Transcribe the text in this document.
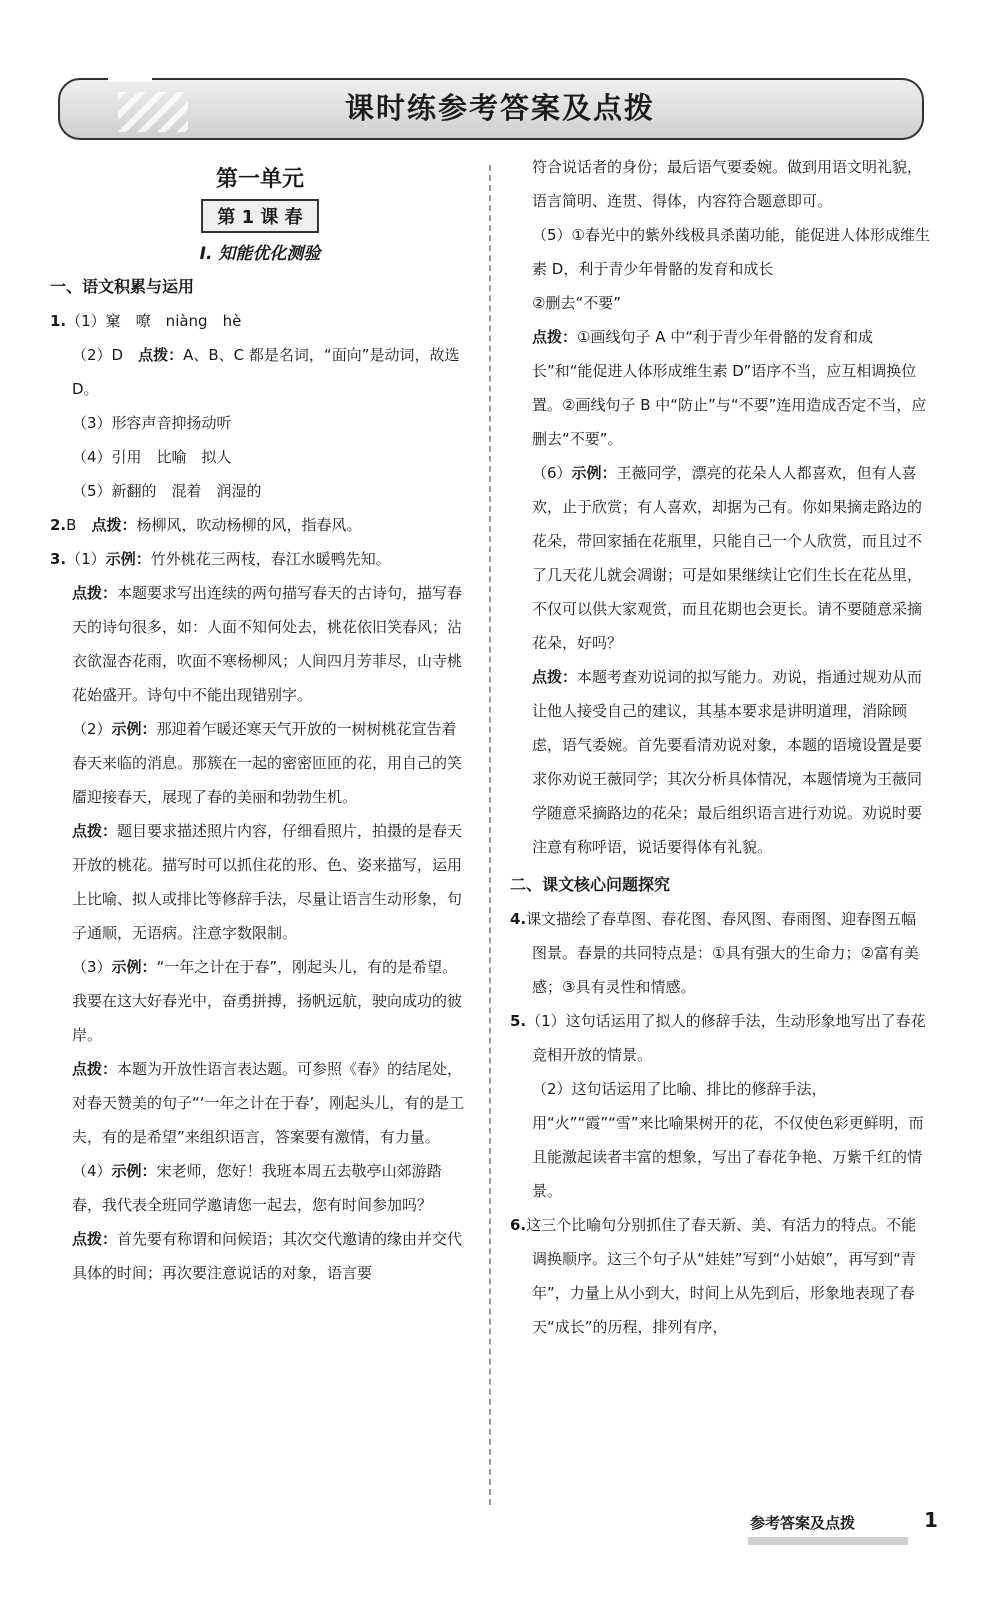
课时练参考答案及点拨
第一单元
第 1 课 春
Ⅰ. 知能优化测验
一、语文积累与运用

1.（1）窠　嘹　niàng　hè

（2）D　点拨：A、B、C 都是名词，“面向”是动词，故选 D。

（3）形容声音抑扬动听

（4）引用　比喻　拟人

（5）新翻的　混着　润湿的

2.B　点拨：杨柳风，吹动杨柳的风，指春风。

3.（1）示例：竹外桃花三两枝，春江水暖鸭先知。

点拨：本题要求写出连续的两句描写春天的古诗句，描写春天的诗句很多，如：人面不知何处去，桃花依旧笑春风；沾衣欲湿杏花雨，吹面不寒杨柳风；人间四月芳菲尽，山寺桃花始盛开。诗句中不能出现错别字。

（2）示例：那迎着乍暖还寒天气开放的一树树桃花宣告着春天来临的消息。那簇在一起的密密匝匝的花，用自己的笑靥迎接春天，展现了春的美丽和勃勃生机。

点拨：题目要求描述照片内容，仔细看照片，拍摄的是春天开放的桃花。描写时可以抓住花的形、色、姿来描写，运用上比喻、拟人或排比等修辞手法，尽量让语言生动形象，句子通顺，无语病。注意字数限制。

（3）示例：“一年之计在于春”，刚起头儿，有的是希望。我要在这大好春光中，奋勇拼搏，扬帆远航，驶向成功的彼岸。

点拨：本题为开放性语言表达题。可参照《春》的结尾处，对春天赞美的句子“‘一年之计在于春’，刚起头儿，有的是工夫，有的是希望”来组织语言，答案要有激情，有力量。

（4）示例：宋老师，您好！我班本周五去敬亭山郊游踏春，我代表全班同学邀请您一起去，您有时间参加吗？

点拨：首先要有称谓和问候语；其次交代邀请的缘由并交代具体的时间；再次要注意说话的对象，语言要

符合说话者的身份；最后语气要委婉。做到用语文明礼貌，语言简明、连贯、得体，内容符合题意即可。

（5）①春光中的紫外线极具杀菌功能，能促进人体形成维生素 D，利于青少年骨骼的发育和成长

②删去“不要”

点拨：①画线句子 A 中“利于青少年骨骼的发育和成长”和“能促进人体形成维生素 D”语序不当，应互相调换位置。②画线句子 B 中“防止”与“不要”连用造成否定不当，应删去“不要”。

（6）示例：王薇同学，漂亮的花朵人人都喜欢，但有人喜欢，止于欣赏；有人喜欢，却据为己有。你如果摘走路边的花朵，带回家插在花瓶里，只能自己一个人欣赏，而且过不了几天花儿就会凋谢；可是如果继续让它们生长在花丛里，不仅可以供大家观赏，而且花期也会更长。请不要随意采摘花朵，好吗？

点拨：本题考查劝说词的拟写能力。劝说，指通过规劝从而让他人接受自己的建议，其基本要求是讲明道理，消除顾虑，语气委婉。首先要看清劝说对象，本题的语境设置是要求你劝说王薇同学；其次分析具体情况，本题情境为王薇同学随意采摘路边的花朵；最后组织语言进行劝说。劝说时要注意有称呼语，说话要得体有礼貌。

二、课文核心问题探究

4.课文描绘了春草图、春花图、春风图、春雨图、迎春图五幅图景。春景的共同特点是：①具有强大的生命力；②富有美感；③具有灵性和情感。

5.（1）这句话运用了拟人的修辞手法，生动形象地写出了春花竞相开放的情景。

（2）这句话运用了比喻、排比的修辞手法，用“火”“霞”“雪”来比喻果树开的花，不仅使色彩更鲜明，而且能激起读者丰富的想象，写出了春花争艳、万紫千红的情景。

6.这三个比喻句分别抓住了春天新、美、有活力的特点。不能调换顺序。这三个句子从“娃娃”写到“小姑娘”，再写到“青年”，力量上从小到大，时间上从先到后，形象地表现了春天“成长”的历程，排列有序，

参考答案及点拨	1
